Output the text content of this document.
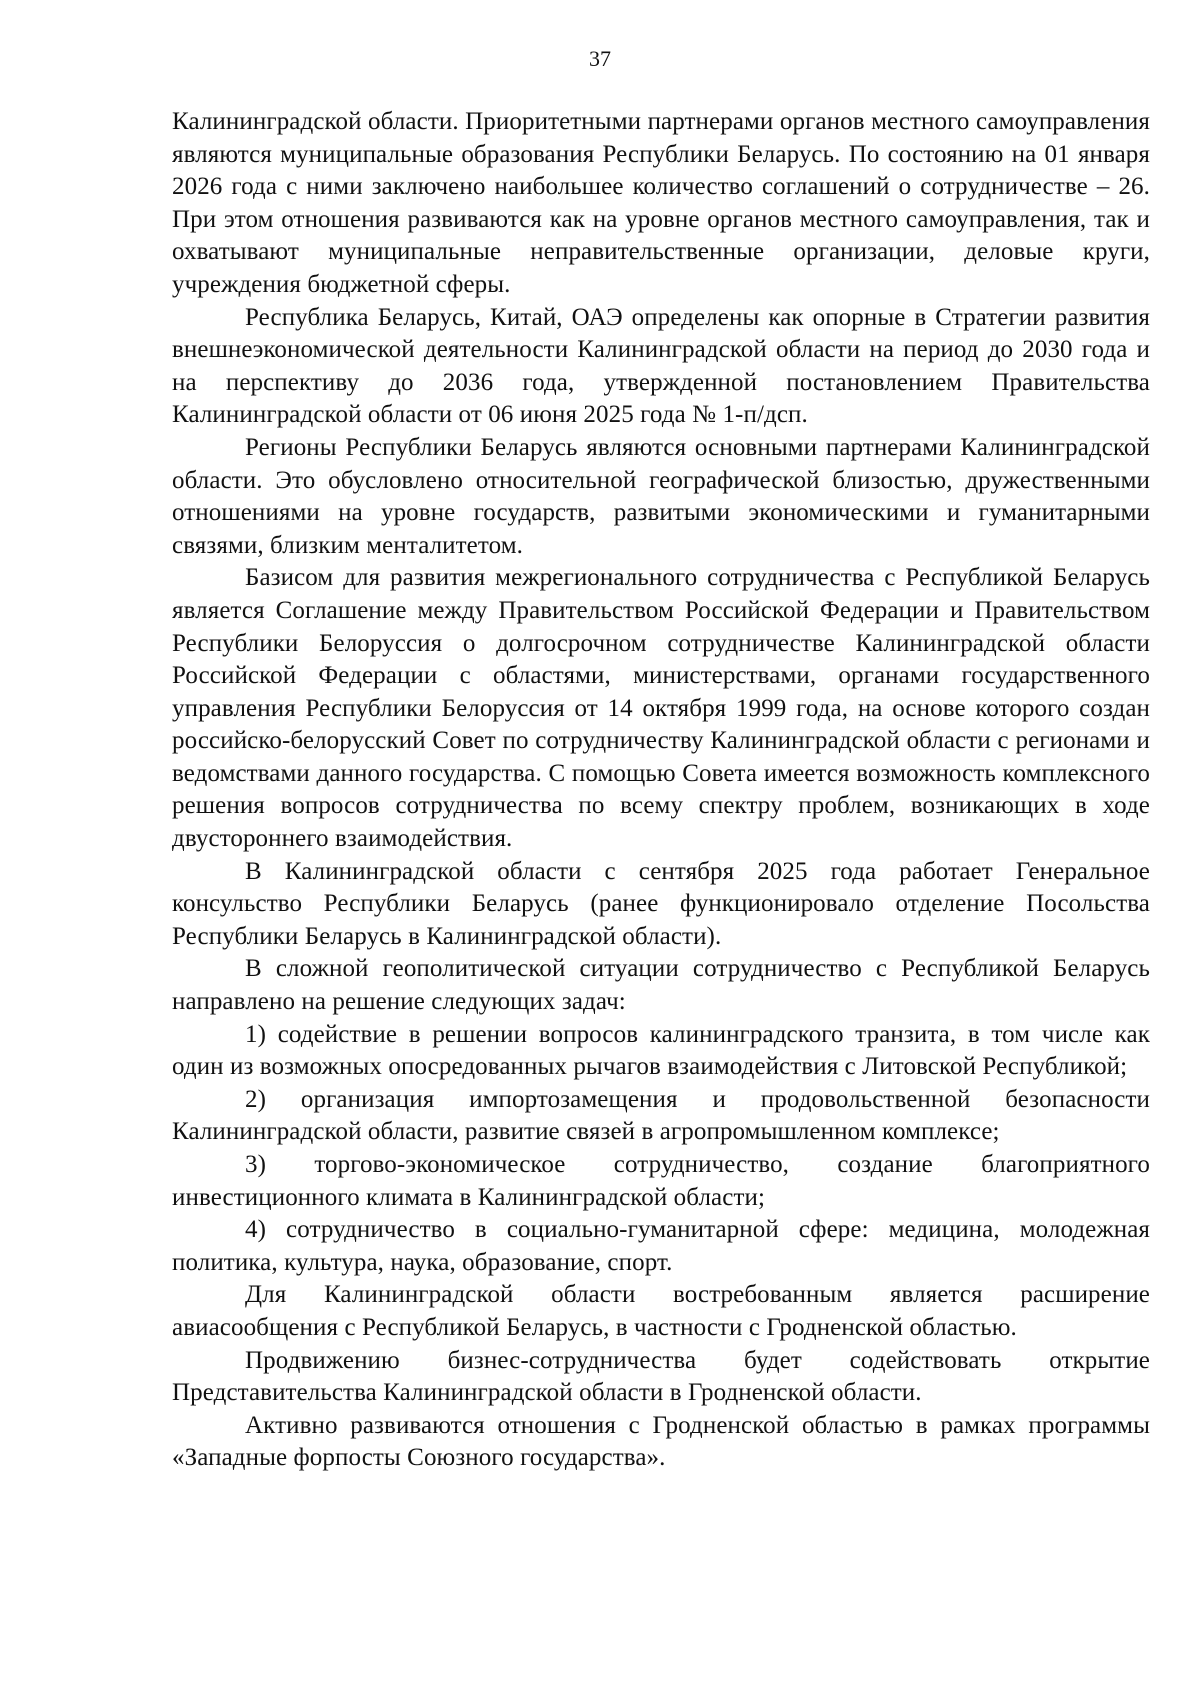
37

Калининградской области. Приоритетными партнерами органов местного самоуправления являются муниципальные образования Республики Беларусь. По состоянию на 01 января 2026 года с ними заключено наибольшее количество соглашений о сотрудничестве – 26. При этом отношения развиваются как на уровне органов местного самоуправления, так и охватывают муниципальные неправительственные организации, деловые круги, учреждения бюджетной сферы.

Республика Беларусь, Китай, ОАЭ определены как опорные в Стратегии развития внешнеэкономической деятельности Калининградской области на период до 2030 года и на перспективу до 2036 года, утвержденной постановлением Правительства Калининградской области от 06 июня 2025 года № 1-п/дсп.

Регионы Республики Беларусь являются основными партнерами Калининградской области. Это обусловлено относительной географической близостью, дружественными отношениями на уровне государств, развитыми экономическими и гуманитарными связями, близким менталитетом.

Базисом для развития межрегионального сотрудничества с Республикой Беларусь является Соглашение между Правительством Российской Федерации и Правительством Республики Белоруссия о долгосрочном сотрудничестве Калининградской области Российской Федерации с областями, министерствами, органами государственного управления Республики Белоруссия от 14 октября 1999 года, на основе которого создан российско-белорусский Совет по сотрудничеству Калининградской области с регионами и ведомствами данного государства. С помощью Совета имеется возможность комплексного решения вопросов сотрудничества по всему спектру проблем, возникающих в ходе двустороннего взаимодействия.

В Калининградской области с сентября 2025 года работает Генеральное консульство Республики Беларусь (ранее функционировало отделение Посольства Республики Беларусь в Калининградской области).

В сложной геополитической ситуации сотрудничество с Республикой Беларусь направлено на решение следующих задач:

1) содействие в решении вопросов калининградского транзита, в том числе как один из возможных опосредованных рычагов взаимодействия с Литовской Республикой;

2) организация импортозамещения и продовольственной безопасности Калининградской области, развитие связей в агропромышленном комплексе;

3) торгово-экономическое сотрудничество, создание благоприятного инвестиционного климата в Калининградской области;

4) сотрудничество в социально-гуманитарной сфере: медицина, молодежная политика, культура, наука, образование, спорт.

Для Калининградской области востребованным является расширение авиасообщения с Республикой Беларусь, в частности с Гродненской областью.

Продвижению бизнес-сотрудничества будет содействовать открытие Представительства Калининградской области в Гродненской области.

Активно развиваются отношения с Гродненской областью в рамках программы «Западные форпосты Союзного государства».
